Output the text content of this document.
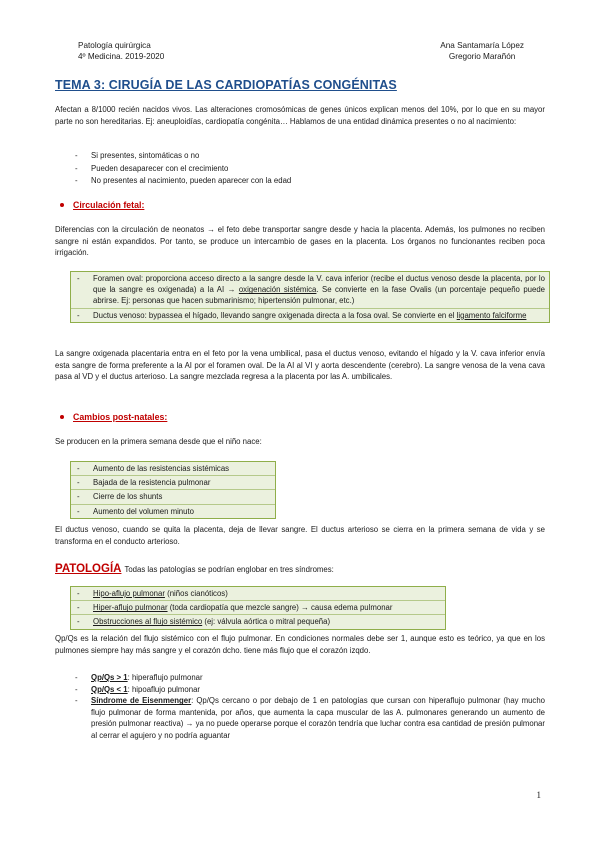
Patología quirúrgica
4º Medicina. 2019-2020
Ana Santamaría López
Gregorio Marañón
TEMA 3: CIRUGÍA DE LAS CARDIOPATÍAS CONGÉNITAS
Afectan a 8/1000 recién nacidos vivos. Las alteraciones cromosómicas de genes únicos explican menos del 10%, por lo que en su mayor parte no son hereditarias. Ej: aneuploidías, cardiopatía congénita… Hablamos de una entidad dinámica presentes o no al nacimiento:
- Si presentes, sintomáticas o no
- Pueden desaparecer con el crecimiento
- No presentes al nacimiento, pueden aparecer con la edad
Circulación fetal:
Diferencias con la circulación de neonatos → el feto debe transportar sangre desde y hacia la placenta. Además, los pulmones no reciben sangre ni están expandidos. Por tanto, se produce un intercambio de gases en la placenta. Los órganos no funcionantes reciben poca irrigación.
- Foramen oval: proporciona acceso directo a la sangre desde la V. cava inferior (recibe el ductus venoso desde la placenta, por lo que la sangre es oxigenada) a la AI → oxigenación sistémica. Se convierte en la fase Ovalis (un porcentaje pequeño puede abrirse. Ej: personas que hacen submarinismo; hipertensión pulmonar, etc.)
- Ductus venoso: bypassea el hígado, llevando sangre oxigenada directa a la fosa oval. Se convierte en el ligamento falciforme
La sangre oxigenada placentaria entra en el feto por la vena umbilical, pasa el ductus venoso, evitando el hígado y la V. cava inferior envía esta sangre de forma preferente a la AI por el foramen oval. De la AI al VI y aorta descendente (cerebro). La sangre venosa de la vena cava pasa al VD y el ductus arterioso. La sangre mezclada regresa a la placenta por las A. umbilicales.
Cambios post-natales:
Se producen en la primera semana desde que el niño nace:
- Aumento de las resistencias sistémicas
- Bajada de la resistencia pulmonar
- Cierre de los shunts
- Aumento del volumen minuto
El ductus venoso, cuando se quita la placenta, deja de llevar sangre. El ductus arterioso se cierra en la primera semana de vida y se transforma en el conducto arterioso.
PATOLOGÍA Todas las patologías se podrían englobar en tres síndromes:
- Hipo-aflujo pulmonar (niños cianóticos)
- Hiper-aflujo pulmonar (toda cardiopatía que mezcle sangre) → causa edema pulmonar
- Obstrucciones al flujo sistémico (ej: válvula aórtica o mitral pequeña)
Qp/Qs es la relación del flujo sistémico con el flujo pulmonar. En condiciones normales debe ser 1, aunque esto es teórico, ya que en los pulmones siempre hay más sangre y el corazón dcho. tiene más flujo que el corazón izqdo.
- Qp/Qs > 1: hiperaflujo pulmonar
- Qp/Qs < 1: hipoaflujo pulmonar
- Síndrome de Eisenmenger: Qp/Qs cercano o por debajo de 1 en patologías que cursan con hiperaflujo pulmonar (hay mucho flujo pulmonar de forma mantenida, por años, que aumenta la capa muscular de las A. pulmonares generando un aumento de presión pulmonar reactiva) → ya no puede operarse porque el corazón tendría que luchar contra esa cantidad de presión pulmonar al cerrar el agujero y no podría aguantar
1
